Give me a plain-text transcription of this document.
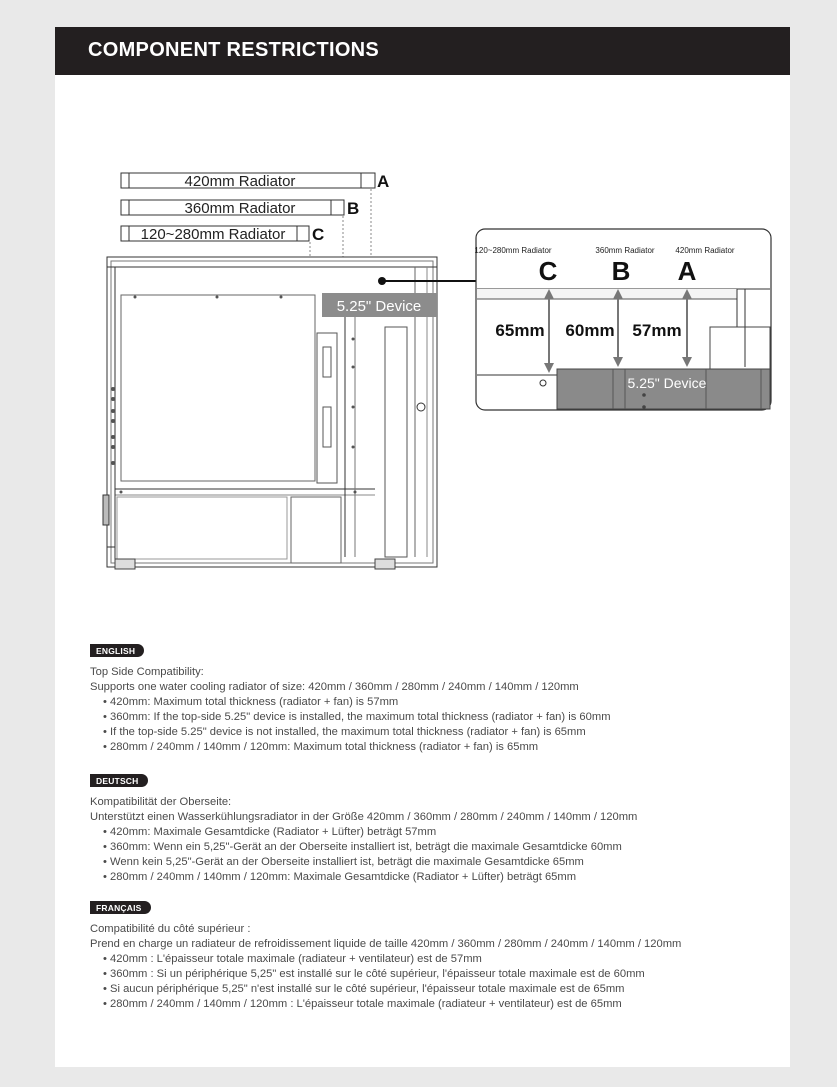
COMPONENT RESTRICTIONS
420mm Radiator	A
360mm Radiator	B
120~280mm Radiator C
5.25" Device
120~280mm Radiator	360mm Radiator	420mm Radiator
C B A
65mm 60mm 57mm
5.25" Device
ENGLISH
Top Side Compatibility:
Supports one water cooling radiator of size: 420mm / 360mm / 280mm / 240mm / 140mm / 120mm
• 420mm: Maximum total thickness (radiator + fan) is 57mm
• 360mm: If the top-side 5.25" device is installed, the maximum total thickness (radiator + fan) is 60mm
• If the top-side 5.25" device is not installed, the maximum total thickness (radiator + fan) is 65mm
• 280mm / 240mm / 140mm / 120mm: Maximum total thickness (radiator + fan) is 65mm
DEUTSCH
Kompatibilität der Oberseite:
Unterstützt einen Wasserkühlungsradiator in der Größe 420mm / 360mm / 280mm / 240mm / 140mm / 120mm
• 420mm: Maximale Gesamtdicke (Radiator + Lüfter) beträgt 57mm
• 360mm: Wenn ein 5,25"-Gerät an der Oberseite installiert ist, beträgt die maximale Gesamtdicke 60mm
• Wenn kein 5,25"-Gerät an der Oberseite installiert ist, beträgt die maximale Gesamtdicke 65mm
• 280mm / 240mm / 140mm / 120mm: Maximale Gesamtdicke (Radiator + Lüfter) beträgt 65mm
FRANÇAIS
Compatibilité du côté supérieur :
Prend en charge un radiateur de refroidissement liquide de taille 420mm / 360mm / 280mm / 240mm / 140mm / 120mm
• 420mm : L'épaisseur totale maximale (radiateur + ventilateur) est de 57mm
• 360mm : Si un périphérique 5,25" est installé sur le côté supérieur, l'épaisseur totale maximale est de 60mm
• Si aucun périphérique 5,25" n'est installé sur le côté supérieur, l'épaisseur totale maximale est de 65mm
• 280mm / 240mm / 140mm / 120mm : L'épaisseur totale maximale (radiateur + ventilateur) est de 65mm
